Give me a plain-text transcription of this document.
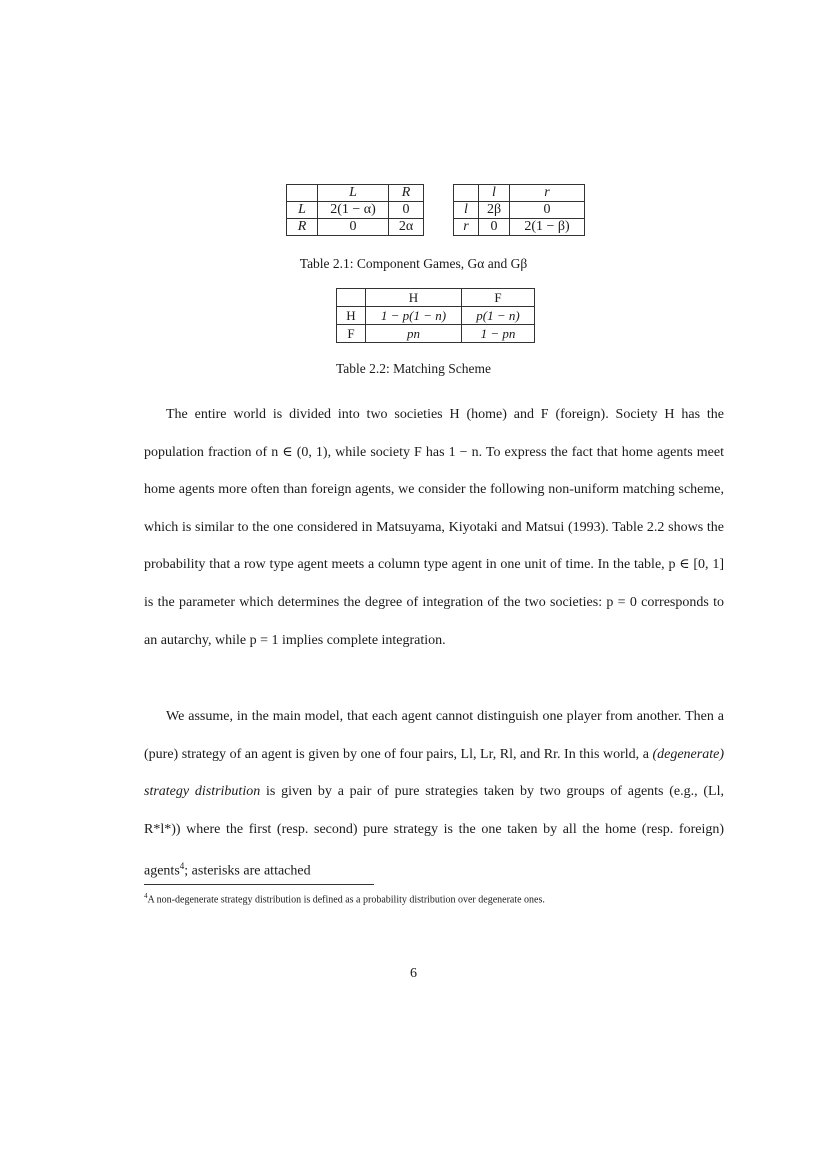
	L	R
L	2(1 − α)	0
R	0	2α
	l	r
l	2β	0
r	0	2(1 − β)
Table 2.1: Component Games, Gα and Gβ
	H	F
H	1 − p(1 − n)	p(1 − n)
F	pn	1 − pn
Table 2.2: Matching Scheme

The entire world is divided into two societies H (home) and F (foreign). Society H has the population fraction of n ∈ (0, 1), while society F has 1 − n. To express the fact that home agents meet home agents more often than foreign agents, we consider the following non-uniform matching scheme, which is similar to the one considered in Matsuyama, Kiyotaki and Matsui (1993). Table 2.2 shows the probability that a row type agent meets a column type agent in one unit of time. In the table, p ∈ [0, 1] is the parameter which determines the degree of integration of the two societies: p = 0 corresponds to an autarchy, while p = 1 implies complete integration.

We assume, in the main model, that each agent cannot distinguish one player from another. Then a (pure) strategy of an agent is given by one of four pairs, Ll, Lr, Rl, and Rr. In this world, a (degenerate) strategy distribution is given by a pair of pure strategies taken by two groups of agents (e.g., (Ll, R*l*)) where the first (resp. second) pure strategy is the one taken by all the home (resp. foreign) agents$^4$; asterisks are attached

$^4$A non-degenerate strategy distribution is defined as a probability distribution over degenerate ones.
6
